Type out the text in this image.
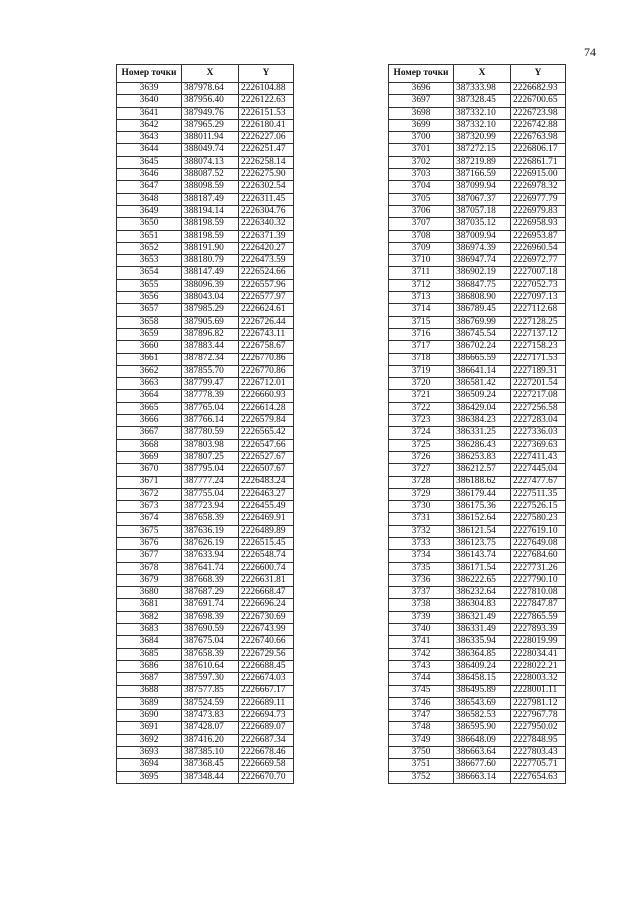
74
Номер точки	X	Y
3639	387978.64	2226104.88
3640	387956.40	2226122.63
3641	387949.76	2226151.53
3642	387965.29	2226180.41
3643	388011.94	2226227.06
3644	388049.74	2226251.47
3645	388074.13	2226258.14
3646	388087.52	2226275.90
3647	388098.59	2226302.54
3648	388187.49	2226311.45
3649	388194.14	2226304.76
3650	388198.59	2226340.32
3651	388198.59	2226371.39
3652	388191.90	2226420.27
3653	388180.79	2226473.59
3654	388147.49	2226524.66
3655	388096.39	2226557.96
3656	388043.04	2226577.97
3657	387985.29	2226624.61
3658	387905.69	2226726.44
3659	387896.82	2226743.11
3660	387883.44	2226758.67
3661	387872.34	2226770.86
3662	387855.70	2226770.86
3663	387799.47	2226712.01
3664	387778.39	2226660.93
3665	387765.04	2226614.28
3666	387766.14	2226579.84
3667	387780.59	2226565.42
3668	387803.98	2226547.66
3669	387807.25	2226527.67
3670	387795.04	2226507.67
3671	387777.24	2226483.24
3672	387755.04	2226463.27
3673	387723.94	2226455.49
3674	387658.39	2226469.91
3675	387636.19	2226489.89
3676	387626.19	2226515.45
3677	387633.94	2226548.74
3678	387641.74	2226600.74
3679	387668.39	2226631.81
3680	387687.29	2226668.47
3681	387691.74	2226696.24
3682	387698.39	2226730.69
3683	387690.59	2226743.99
3684	387675.04	2226740.66
3685	387658.39	2226729.56
3686	387610.64	2226688.45
3687	387597.30	2226674.03
3688	387577.85	2226667.17
3689	387524.59	2226689.11
3690	387473.83	2226694.73
3691	387428.07	2226689.07
3692	387416.20	2226687.34
3693	387385.10	2226678.46
3694	387368.45	2226669.58
3695	387348.44	2226670.70
Номер точки	X	Y
3696	387333.98	2226682.93
3697	387328.45	2226700.65
3698	387332.10	2226723.98
3699	387332.10	2226742.88
3700	387320.99	2226763.98
3701	387272.15	2226806.17
3702	387219.89	2226861.71
3703	387166.59	2226915.00
3704	387099.94	2226978.32
3705	387067.37	2226977.79
3706	387057.18	2226979.83
3707	387035.12	2226958.93
3708	387009.94	2226953.87
3709	386974.39	2226960.54
3710	386947.74	2226972.77
3711	386902.19	2227007.18
3712	386847.75	2227052.73
3713	386808.90	2227097.13
3714	386789.45	2227112.68
3715	386769.99	2227128.25
3716	386745.54	2227137.12
3717	386702.24	2227158.23
3718	386665.59	2227171.53
3719	386641.14	2227189.31
3720	386581.42	2227201.54
3721	386509.24	2227217.08
3722	386429.04	2227256.58
3723	386384.23	2227283.04
3724	386331.25	2227336.03
3725	386286.43	2227369.63
3726	386253.83	2227411.43
3727	386212.57	2227445.04
3728	386188.62	2227477.67
3729	386179.44	2227511.35
3730	386175.36	2227526.15
3731	386152.64	2227580.23
3732	386121.54	2227619.10
3733	386123.75	2227649.08
3734	386143.74	2227684.60
3735	386171.54	2227731.26
3736	386222.65	2227790.10
3737	386232.64	2227810.08
3738	386304.83	2227847.87
3739	386321.49	2227865.59
3740	386331.49	2227893.39
3741	386335.94	2228019.99
3742	386364.85	2228034.41
3743	386409.24	2228022.21
3744	386458.15	2228003.32
3745	386495.89	2228001.11
3746	386543.69	2227981.12
3747	386582.53	2227967.78
3748	386595.90	2227950.02
3749	386648.09	2227848.95
3750	386663.64	2227803.43
3751	386677.60	2227705.71
3752	386663.14	2227654.63
